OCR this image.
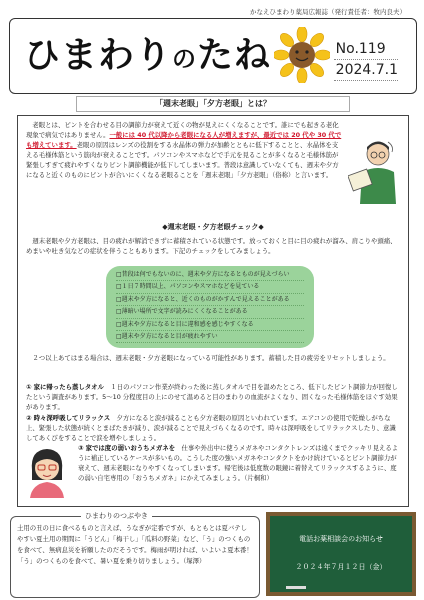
かなえひまわり薬局広報誌（発行責任者：牧内良夫）
ひまわりのたね	No.119
2024.7.1
「週末老眼」「夕方老眼」とは？
　老眼とは、ピントを合わせる目の調節力が衰えて近くの物が見えにくくなることです。誰にでも起きる老化現象で病気ではありません。一般には 40 代以降から老眼になる人が増えますが、最近では 20 代や 30 代でも増えています。老眼の原因はレンズの役割をする水晶体の弾力が加齢とともに低下することと、水晶体を支える毛様体筋という筋肉が衰えることです。パソコンやスマホなどで手元を見ることが多くなると毛様体筋が緊張しすぎて疲れやすくなりピント調節機能が低下してしまいます。普段は意識していなくても、週末や夕方になると近くのものにピントが合いにくくなる老眼ることを「週末老眼」「夕方老眼」（俗称）と言います。
◆週末老眼・夕方老眼チェック◆
　週末老眼や夕方老眼は、目の疲れが解消できずに蓄積されている状態です。放っておくと目に目の疲れが溜み、肩こりや頭痛、めまいや吐き気などの症状を伴うこともあります。下記のチェックをしてみましょう。
□昔段は何でもないのに、週末や夕方になるとものが見えづらい
□１日７時間以上、パソコンやスマホなどを見ている
□週末や夕方になると、近くのものがかすんで見えることがある
□薄暗い場所で文字が読みにくくなることがある
□週末や夕方になると目に違和感を感じやすくなる
□週末や夕方になると目が疲れやすい
　２つ以上あてはまる場合は、週末老眼・夕方老眼になっている可能性があります。蓄積した目の疲労をリセットしましょう。
① 家に帰ったら蒸しタオル　 １日のパソコン作業が終わった後に蒸しタオルで目を温めたところ、低下したピント調節力が回復したという調査があります。5〜10 分程度目の上にのせて温めると目のまわりの血流がよくなり、固くなった毛様体筋をほぐす効果があります。
② 時々深呼吸してリラックス　 夕方になると涙が減ることも夕方老眼の原因といわれています。エアコンの使用で乾燥しがちな上、緊張した状態が続くとまばたきが減り、涙が減ることで見えづらくなるのです。時々は深呼吸をしてリラックスしたり、意識してあくびをすることで涙を増やしましょう。
③ 家では度の弱いおうちメガネを　 仕事や外出中に使うメガネやコンタクトレンズは遠くまでクッキリ見えるように補正しているケースが多いもの。こうした度の強いメガネやコンタクトをかけ続けているとピント調節力が衰えて、週末老眼になりやすくなってしまいます。帰宅後は低度数の眼鏡に着替えてリラックスするように、度の弱い自宅専用の「おうちメガネ」にかえてみましょう。（片桐和）
ひまわりのつぶやき
土用の丑の日に食べるものと言えば、うなぎが定番ですが、もともとは夏バテしやすい夏土用の期間に「うどん」「梅干し」「瓜料の野菜」など、「う」のつくものを食べて、無病息災を祈願したのだそうです。梅雨が明ければ、いよいよ夏本番！「う」のつくものを食べて、暑い夏を乗り切りましょう。（塚澤）
電話お薬相談会のお知らせ
２０２４年７月１２日（金）
